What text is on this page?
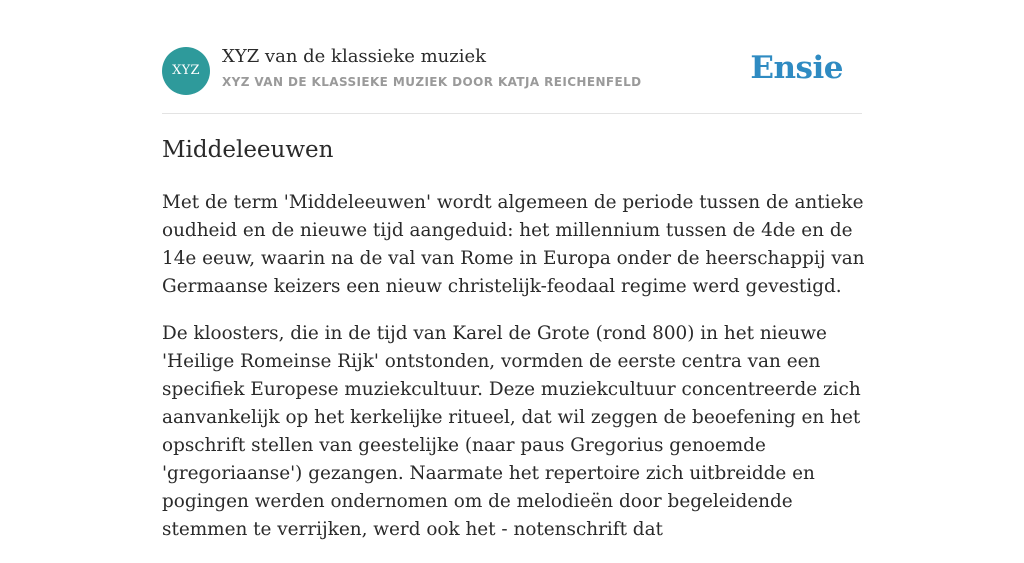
XYZ
XYZ van de klassieke muziek
XYZ VAN DE KLASSIEKE MUZIEK DOOR KATJA REICHENFELD	Ensie
Middeleeuwen

Met de term 'Middeleeuwen' wordt algemeen de periode tussen de antieke oudheid en de nieuwe tijd aangeduid: het millennium tussen de 4de en de 14e eeuw, waarin na de val van Rome in Europa onder de heerschappij van Germaanse keizers een nieuw christelijk-feodaal regime werd gevestigd.

De kloosters, die in de tijd van Karel de Grote (rond 800) in het nieuwe 'Heilige Romeinse Rijk' ontstonden, vormden de eerste centra van een specifiek Europese muziekcultuur. Deze muziekcultuur concentreerde zich aanvankelijk op het kerkelijke ritueel, dat wil zeggen de beoefening en het opschrift stellen van geestelijke (naar paus Gregorius genoemde 'gregoriaanse') gezangen. Naarmate het repertoire zich uitbreidde en pogingen werden ondernomen om de melodieën door begeleidende stemmen te verrijken, werd ook het - notenschrift dat
